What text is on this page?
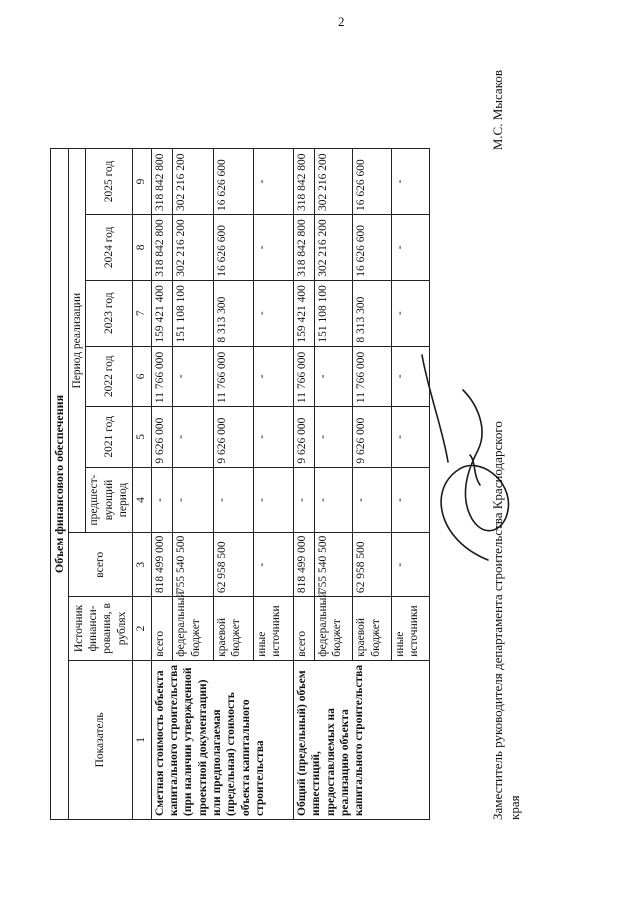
2
Объем финансового обеспечения								
Показатель	Источник финанси-рования, в рублях	всего	Период реализации					
			предшест-вующий период	2021 год	2022 год	2023 год	2024 год	2025 год
1	2	3	4	5	6	7	8	9
Сметная стоимость объекта капитального строительства (при наличии утвержденной проектной документации) или предполагаемая (предельная) стоимость объекта капитального строительства	всего	818 499 000	-	9 626 000	11 766 000	159 421 400	318 842 800	318 842 800
	федеральный бюджет	755 540 500	-	-	-	151 108 100	302 216 200	302 216 200
	краевой бюджет	62 958 500	-	9 626 000	11 766 000	8 313 300	16 626 600	16 626 600
	иные источники	-	-	-	-	-	-	-
Общий (предельный) объем инвестиций, предоставляемых на реализацию объекта капитального строительства	всего	818 499 000	-	9 626 000	11 766 000	159 421 400	318 842 800	318 842 800
	федеральный бюджет	755 540 500	-	-	-	151 108 100	302 216 200	302 216 200
	краевой бюджет	62 958 500	-	9 626 000	11 766 000	8 313 300	16 626 600	16 626 600
	иные источники	-	-	-	-	-	-	-
Заместитель руководителя департамента строительства Краснодарского края
М.С. Мысаков
